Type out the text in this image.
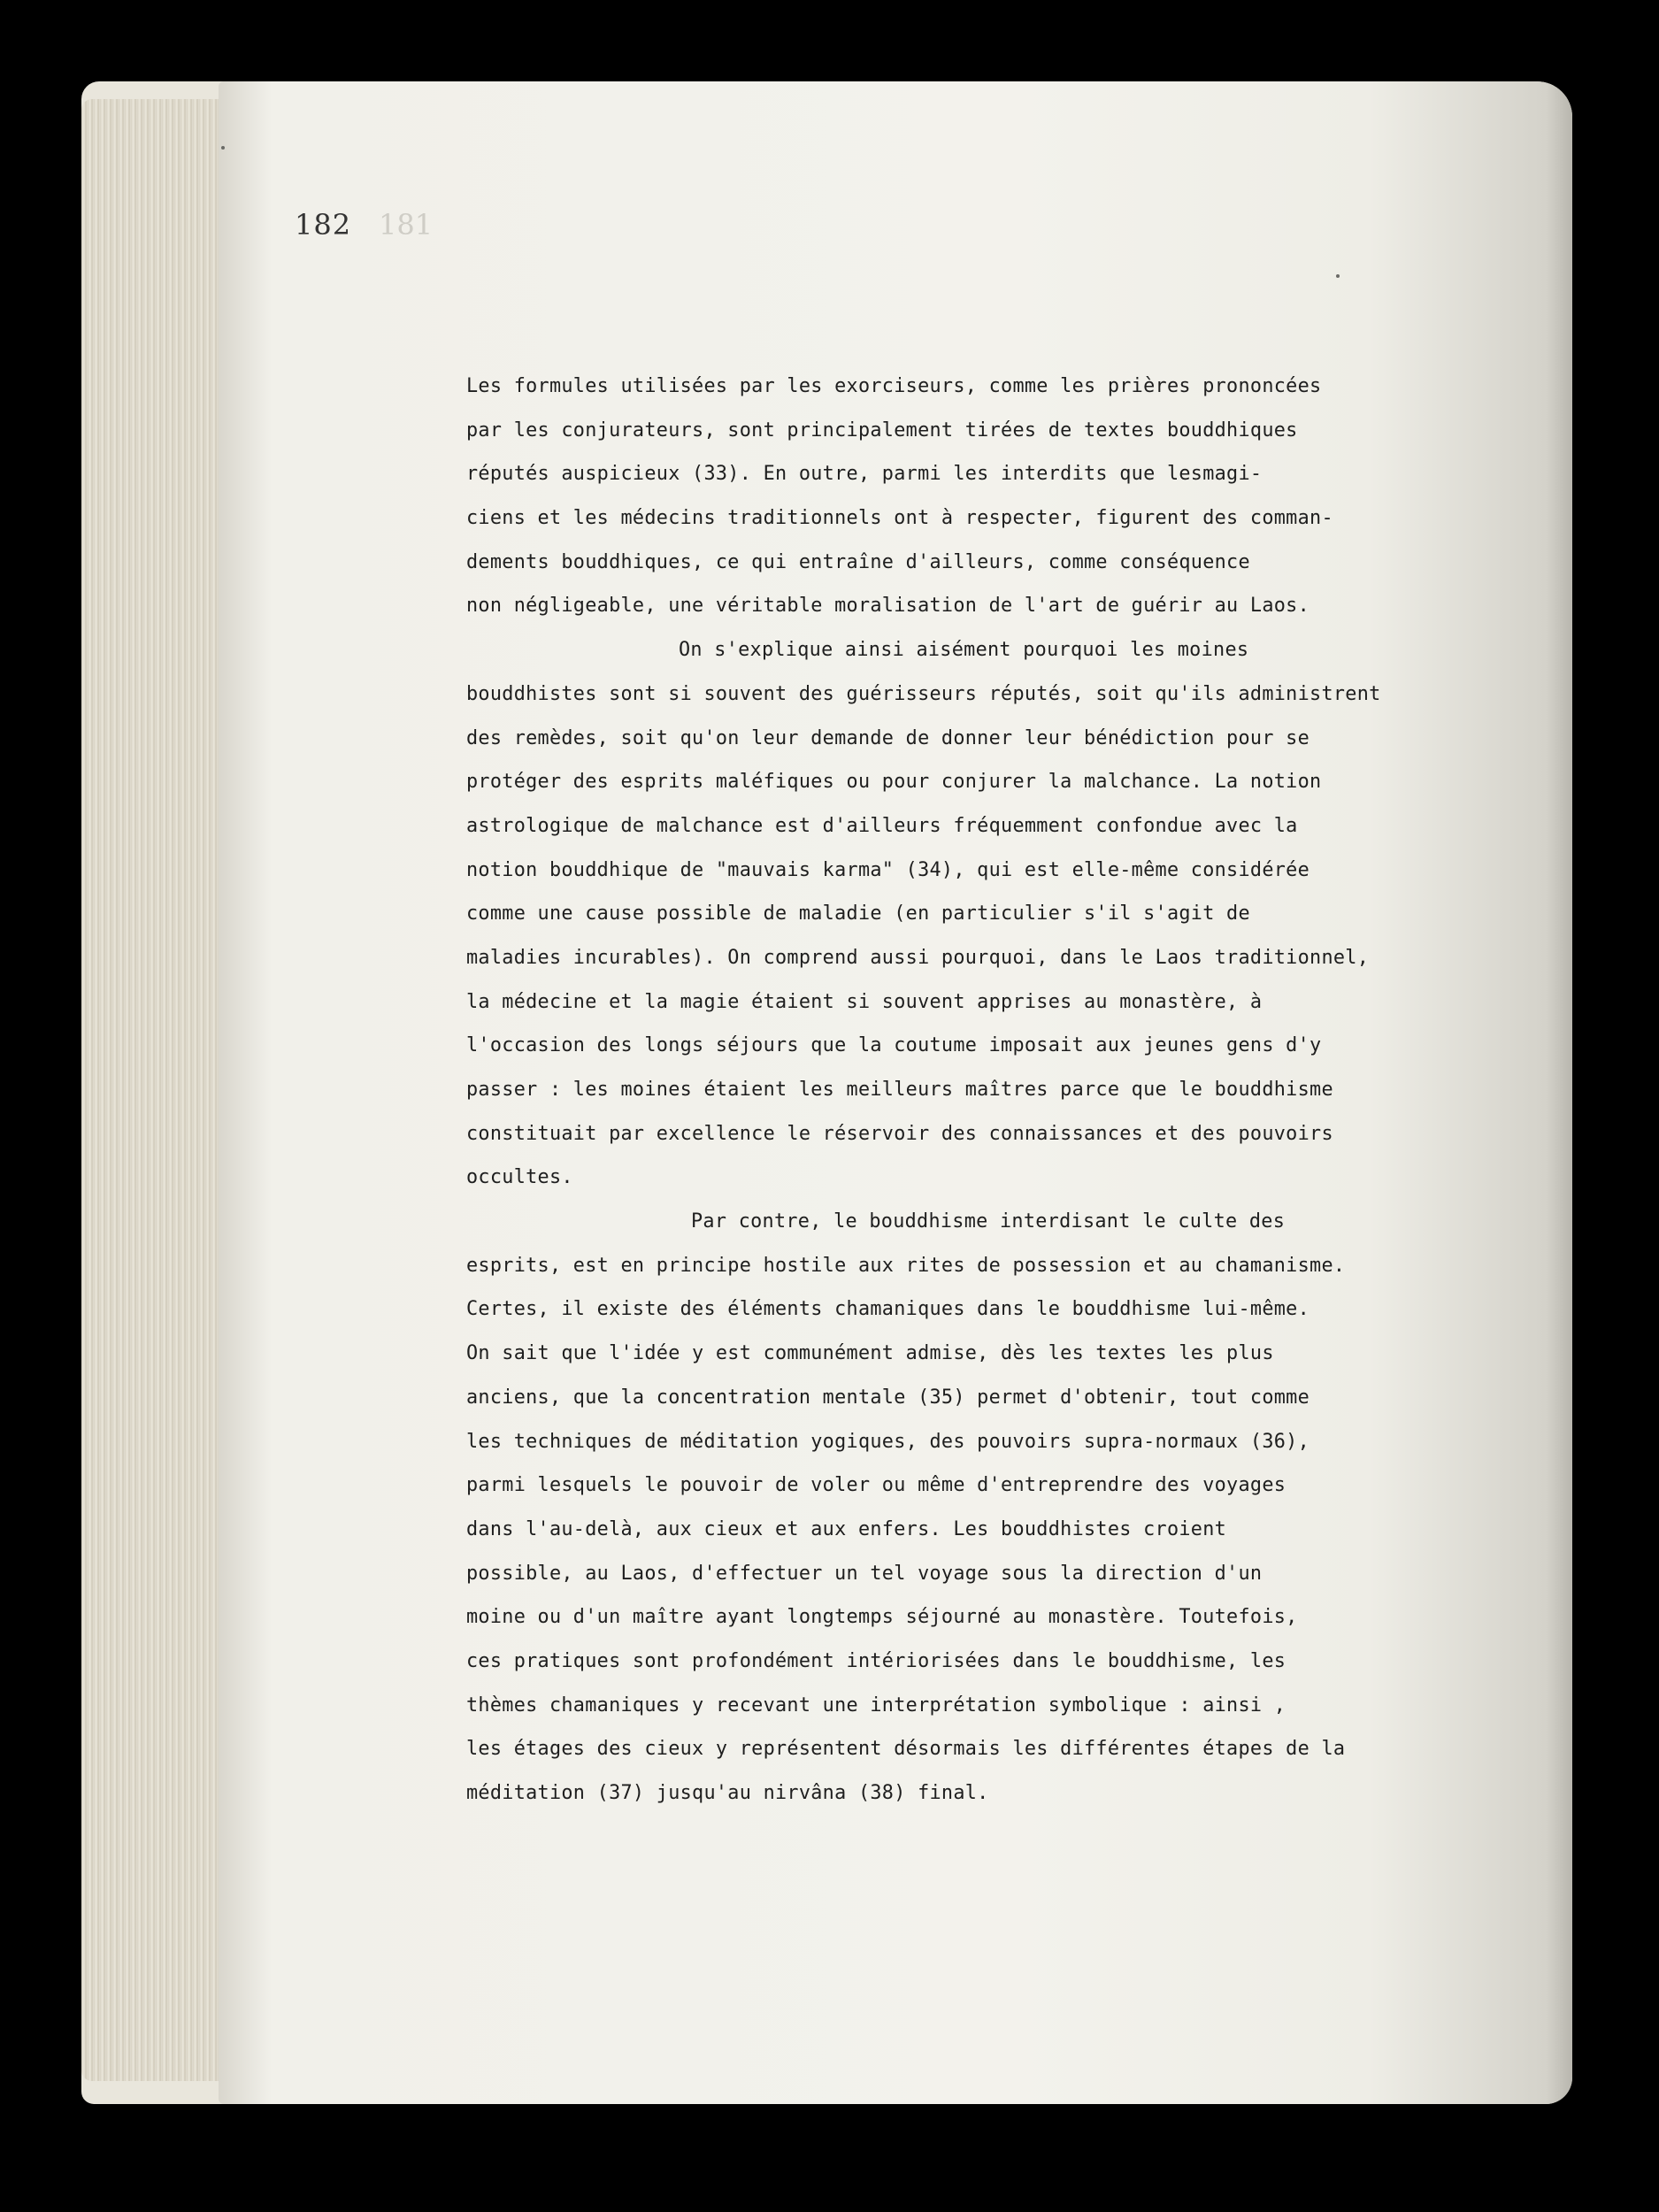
182 181
Les formules utilisées par les exorciseurs, comme les prières prononcées
par les conjurateurs, sont principalement tirées de textes bouddhiques
réputés auspicieux (33). En outre, parmi les interdits que lesmagi-
ciens et les médecins traditionnels ont à respecter, figurent des comman-
dements bouddhiques, ce qui entraîne d'ailleurs, comme conséquence
non négligeable, une véritable moralisation de l'art de guérir au Laos.
On s'explique ainsi aisément pourquoi les moines
bouddhistes sont si souvent des guérisseurs réputés, soit qu'ils administrent
des remèdes, soit qu'on leur demande de donner leur bénédiction pour se
protéger des esprits maléfiques ou pour conjurer la malchance. La notion
astrologique de malchance est d'ailleurs fréquemment confondue avec la
notion bouddhique de "mauvais karma" (34), qui est elle-même considérée
comme une cause possible de maladie (en particulier s'il s'agit de
maladies incurables). On comprend aussi pourquoi, dans le Laos traditionnel,
la médecine et la magie étaient si souvent apprises au monastère, à
l'occasion des longs séjours que la coutume imposait aux jeunes gens d'y
passer : les moines étaient les meilleurs maîtres parce que le bouddhisme
constituait par excellence le réservoir des connaissances et des pouvoirs
occultes.
Par contre, le bouddhisme interdisant le culte des
esprits, est en principe hostile aux rites de possession et au chamanisme.
Certes, il existe des éléments chamaniques dans le bouddhisme lui-même.
On sait que l'idée y est communément admise, dès les textes les plus
anciens, que la concentration mentale (35) permet d'obtenir, tout comme
les techniques de méditation yogiques, des pouvoirs supra-normaux (36),
parmi lesquels le pouvoir de voler ou même d'entreprendre des voyages
dans l'au-delà, aux cieux et aux enfers. Les bouddhistes croient
possible, au Laos, d'effectuer un tel voyage sous la direction d'un
moine ou d'un maître ayant longtemps séjourné au monastère. Toutefois,
ces pratiques sont profondément intériorisées dans le bouddhisme, les
thèmes chamaniques y recevant une interprétation symbolique : ainsi ,
les étages des cieux y représentent désormais les différentes étapes de la
méditation (37) jusqu'au nirvâna (38) final.
